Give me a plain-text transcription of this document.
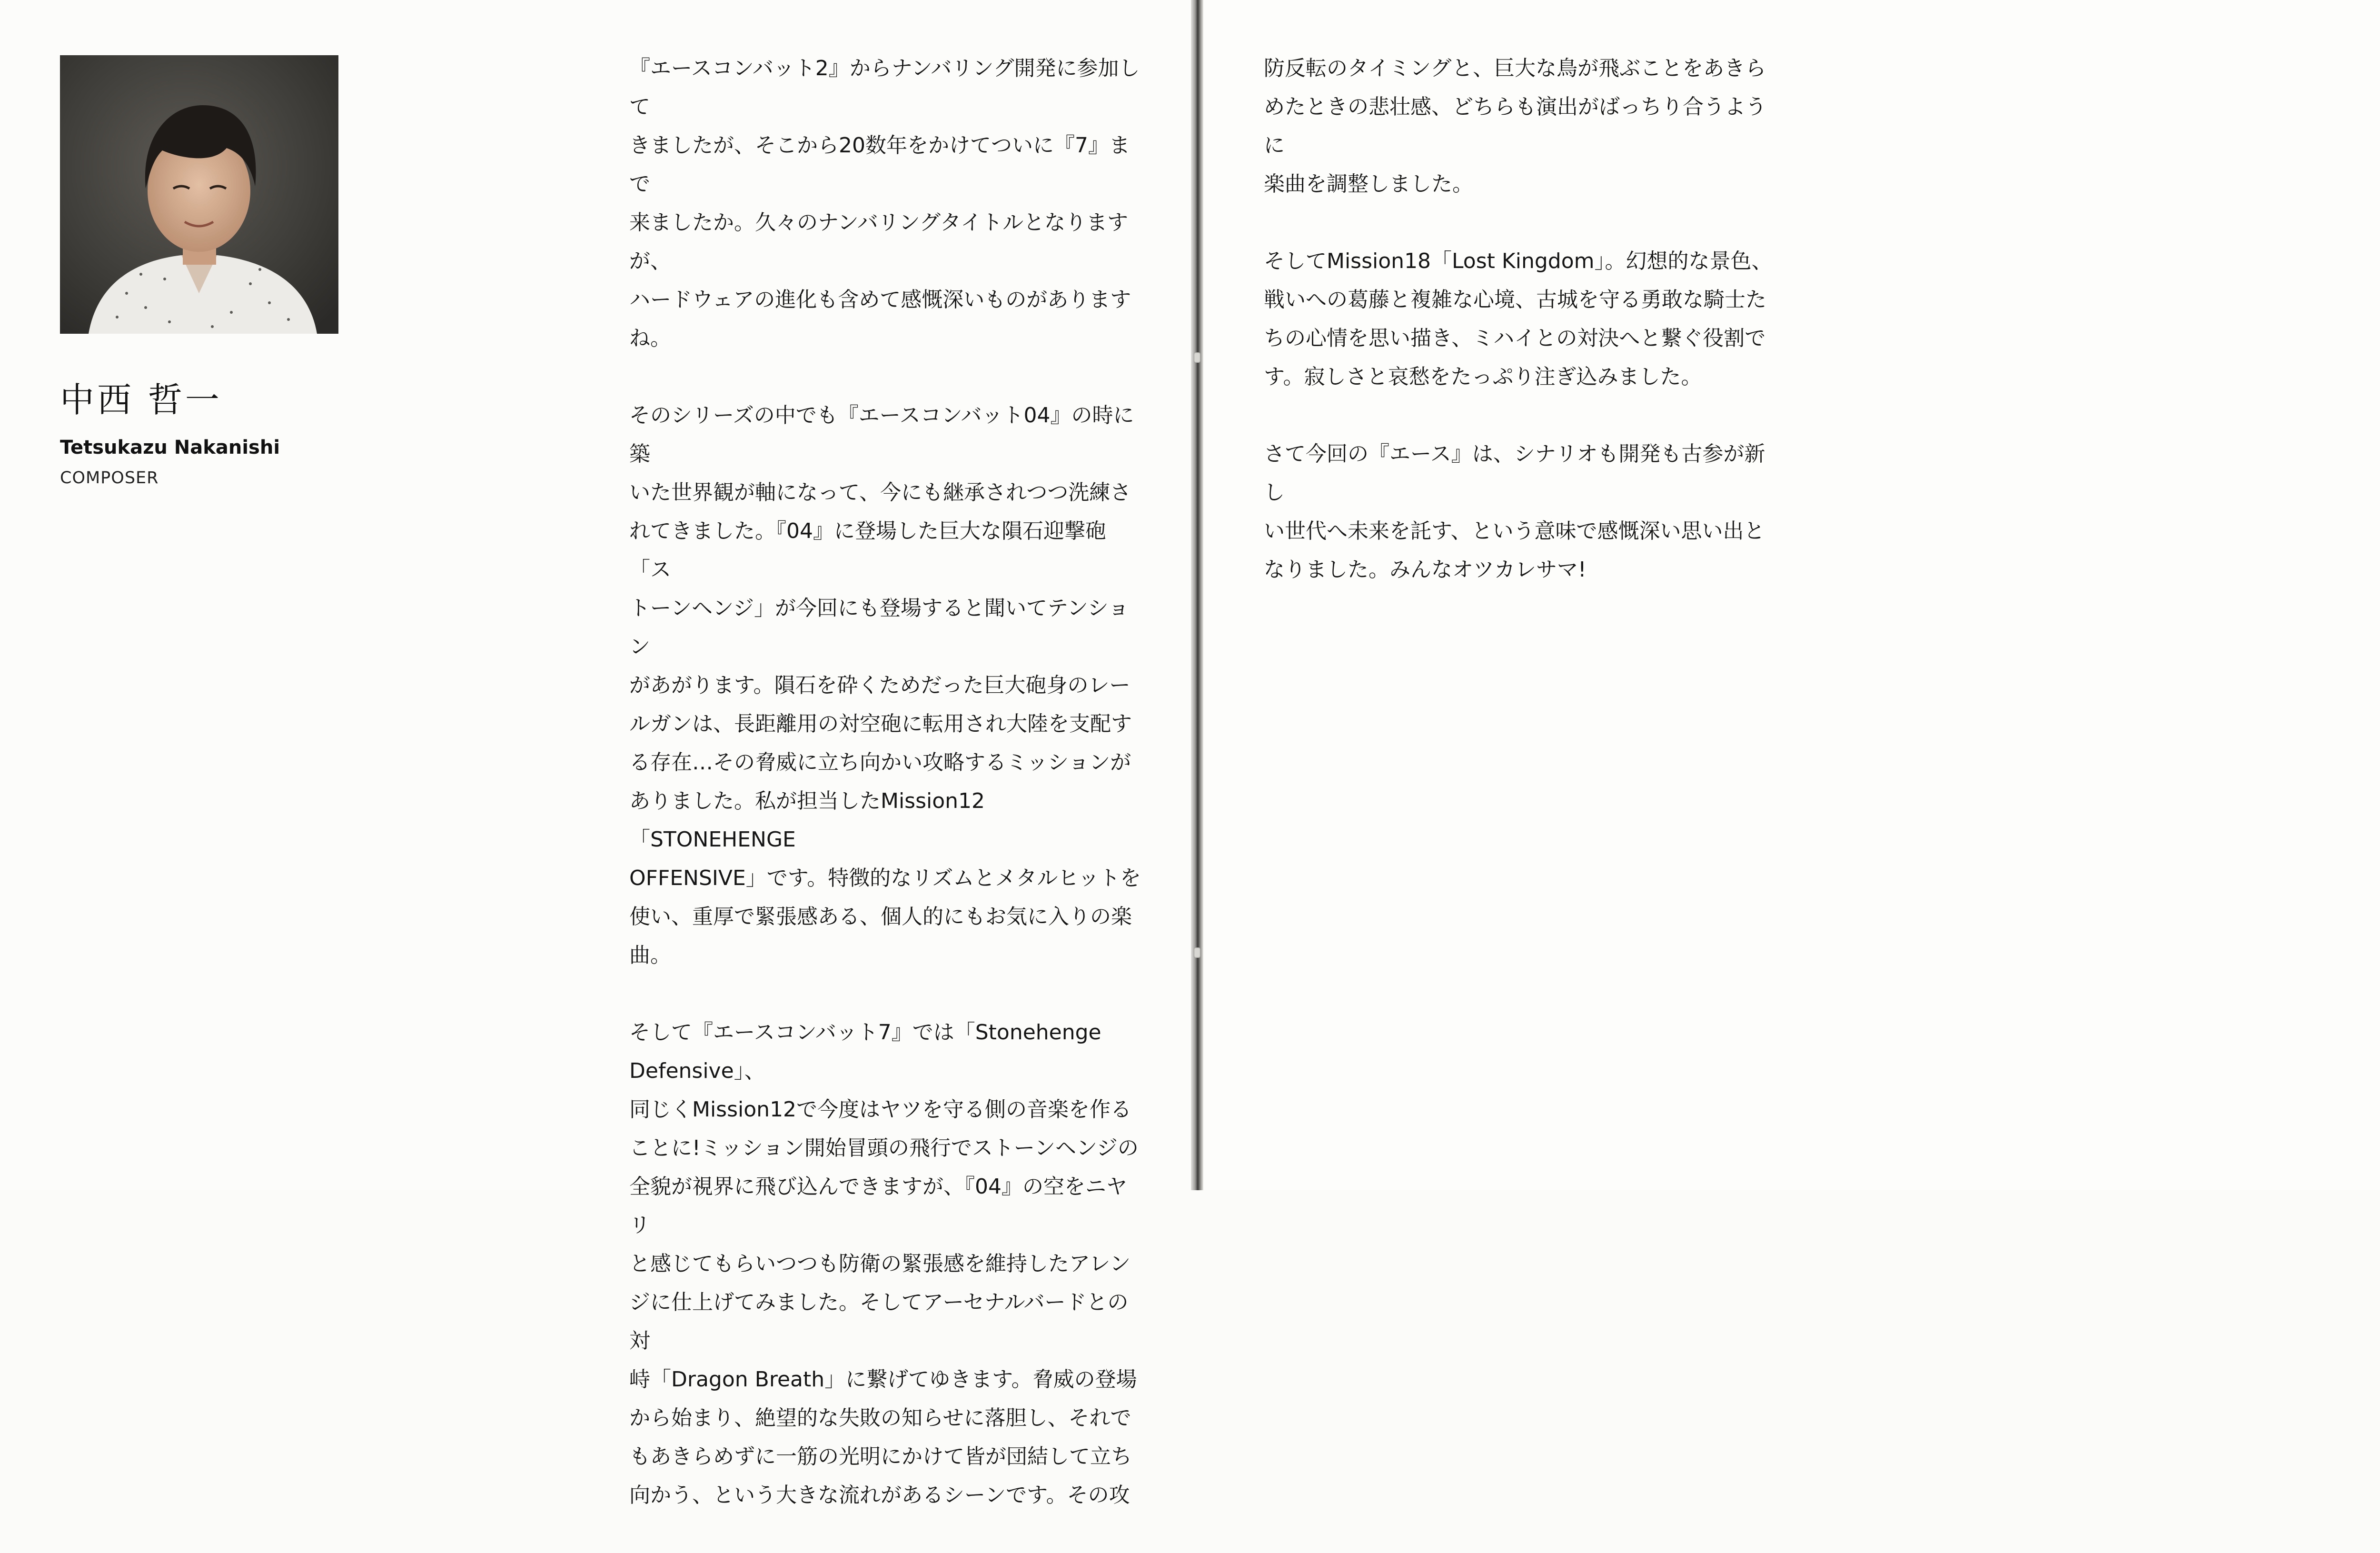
中西 哲一
Tetsukazu Nakanishi
COMPOSER

『エースコンバット2』からナンバリング開発に参加して
きましたが、そこから20数年をかけてついに『7』まで
来ましたか。久々のナンバリングタイトルとなりますが、
ハードウェアの進化も含めて感慨深いものがあります
ね。

そのシリーズの中でも『エースコンバット04』の時に築
いた世界観が軸になって、今にも継承されつつ洗練さ
れてきました。『04』に登場した巨大な隕石迎撃砲「ス
トーンヘンジ」が今回にも登場すると聞いてテンション
があがります。隕石を砕くためだった巨大砲身のレー
ルガンは、長距離用の対空砲に転用され大陸を支配す
る存在…その脅威に立ち向かい攻略するミッションが
ありました。私が担当したMission12「STONEHENGE
OFFENSIVE」です。特徴的なリズムとメタルヒットを
使い、重厚で緊張感ある、個人的にもお気に入りの楽
曲。

そして『エースコンバット7』では「Stonehenge Defensive」、
同じくMission12で今度はヤツを守る側の音楽を作る
ことに!ミッション開始冒頭の飛行でストーンヘンジの
全貌が視界に飛び込んできますが、『04』の空をニヤリ
と感じてもらいつつも防衛の緊張感を維持したアレン
ジに仕上げてみました。そしてアーセナルバードとの対
峙「Dragon Breath」に繋げてゆきます。脅威の登場
から始まり、絶望的な失敗の知らせに落胆し、それで
もあきらめずに一筋の光明にかけて皆が団結して立ち
向かう、という大きな流れがあるシーンです。その攻

防反転のタイミングと、巨大な鳥が飛ぶことをあきら
めたときの悲壮感、どちらも演出がばっちり合うように
楽曲を調整しました。

そしてMission18「Lost Kingdom」。幻想的な景色、
戦いへの葛藤と複雑な心境、古城を守る勇敢な騎士た
ちの心情を思い描き、ミハイとの対決へと繋ぐ役割で
す。寂しさと哀愁をたっぷり注ぎ込みました。

さて今回の『エース』は、シナリオも開発も古参が新し
い世代へ未来を託す、という意味で感慨深い思い出と
なりました。みんなオツカレサマ!
